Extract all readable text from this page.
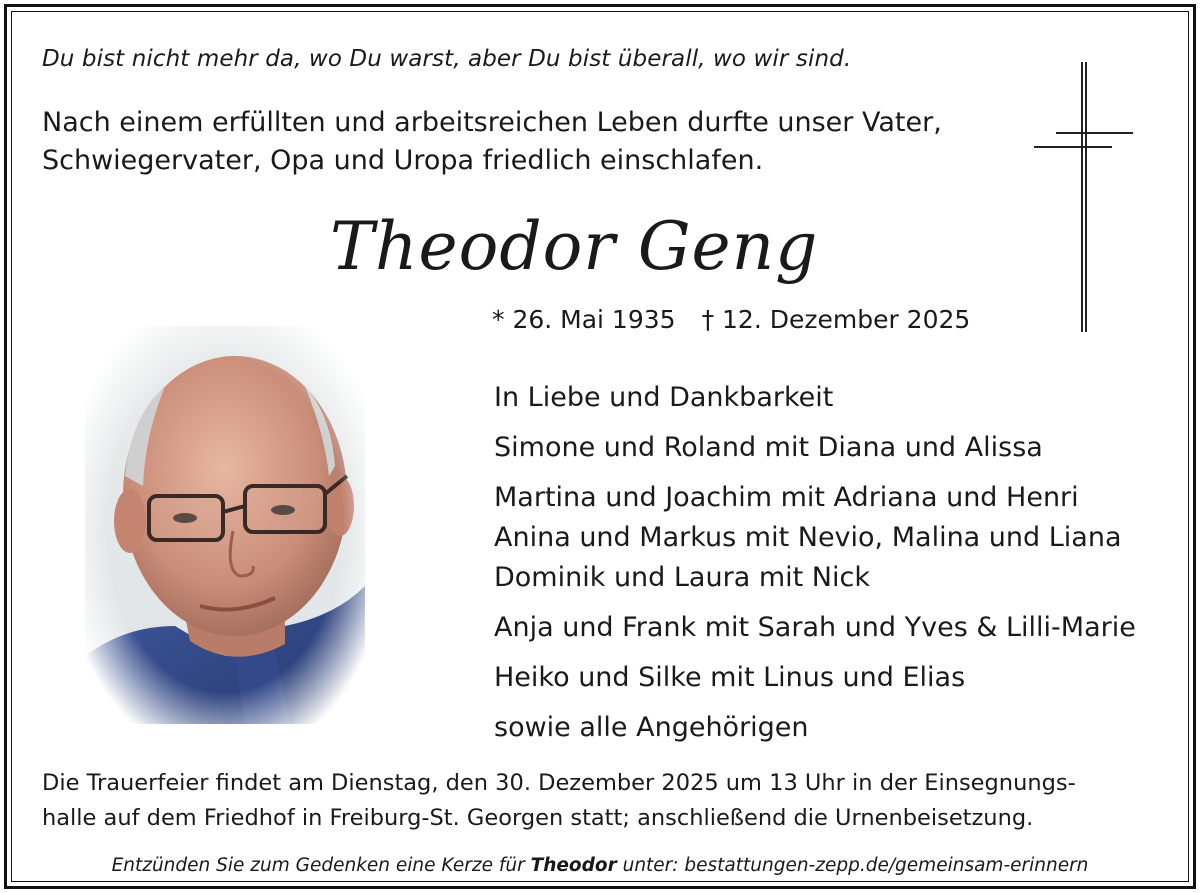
Du bist nicht mehr da, wo Du warst, aber Du bist überall, wo wir sind.
Nach einem erfüllten und arbeitsreichen Leben durfte unser Vater,
Schwiegervater, Opa und Uropa friedlich einschlafen.
Theodor Geng
* 26. Mai 1935 † 12. Dezember 2025
In Liebe und Dankbarkeit
Simone und Roland mit Diana und Alissa
Martina und Joachim mit Adriana und Henri
Anina und Markus mit Nevio, Malina und Liana
Dominik und Laura mit Nick
Anja und Frank mit Sarah und Yves & Lilli-Marie
Heiko und Silke mit Linus und Elias
sowie alle Angehörigen
Die Trauerfeier findet am Dienstag, den 30. Dezember 2025 um 13 Uhr in der Einsegnungs-
halle auf dem Friedhof in Freiburg-St. Georgen statt; anschließend die Urnenbeisetzung.
Entzünden Sie zum Gedenken eine Kerze für Theodor unter: bestattungen-zepp.de/gemeinsam-erinnern
